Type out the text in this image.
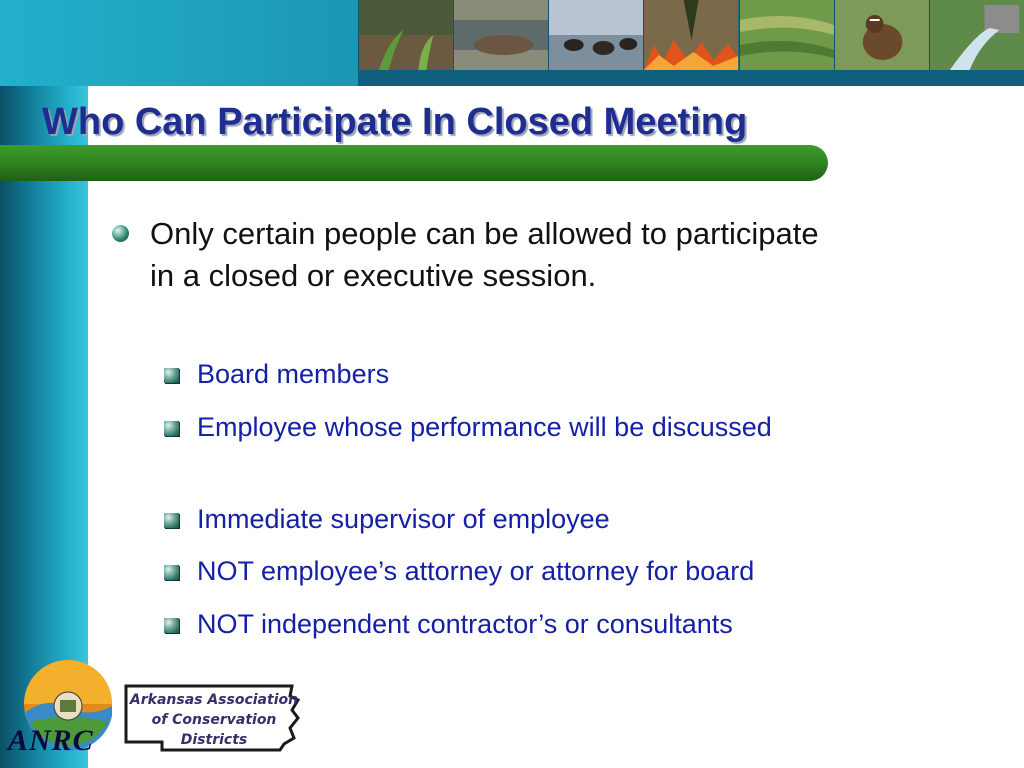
Who Can Participate In Closed Meeting
Only certain people can be allowed to participate in a closed or executive session.
Board members
Employee whose performance will be discussed
Immediate supervisor of employee
NOT employee’s attorney or attorney for board
NOT independent contractor’s or consultants
ANRC
Arkansas Association of Conservation Districts
